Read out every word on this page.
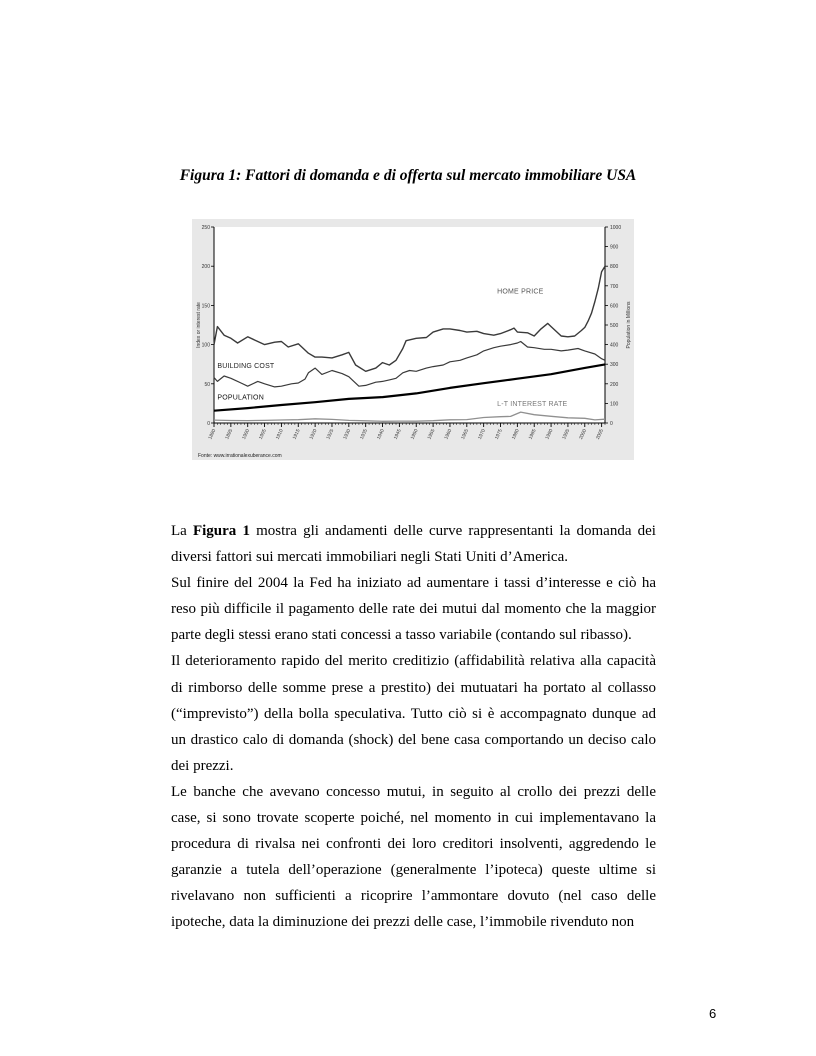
Figura 1: Fattori di domanda e di offerta sul mercato immobiliare USA
0
50
100
150
200
250
0
100
200
300
400
500
600
700
800
900
1000
Index or interest rate	Population in Millions
1890 1895 1900 1905 1910 1915 1920 1925 1930 1935 1940 1945 1950 1955 1960 1965 1970 1975 1980 1985 1990 1995 2000 2005
HOME PRICE
BUILDING COST
POPULATION
L-T INTEREST RATE
Fonte: www.irrationalexuberance.com

La Figura 1 mostra gli andamenti delle curve rappresentanti la domanda dei diversi fattori sui mercati immobiliari negli Stati Uniti d’America.

Sul finire del 2004 la Fed ha iniziato ad aumentare i tassi d’interesse e ciò ha reso più difficile il pagamento delle rate dei mutui dal momento che la maggior parte degli stessi erano stati concessi a tasso variabile (contando sul ribasso).

Il deterioramento rapido del merito creditizio (affidabilità relativa alla capacità di rimborso delle somme prese a prestito) dei mutuatari ha portato al collasso (“imprevisto”) della bolla speculativa. Tutto ciò si è accompagnato dunque ad un drastico calo di domanda (shock) del bene casa comportando un deciso calo dei prezzi.

Le banche che avevano concesso mutui, in seguito al crollo dei prezzi delle case, si sono trovate scoperte poiché, nel momento in cui implementavano la procedura di rivalsa nei confronti dei loro creditori insolventi, aggredendo le garanzie a tutela dell’operazione (generalmente l’ipoteca) queste ultime si rivelavano non sufficienti a ricoprire l’ammontare dovuto (nel caso delle ipoteche, data la diminuzione dei prezzi delle case, l’immobile rivenduto non

6
